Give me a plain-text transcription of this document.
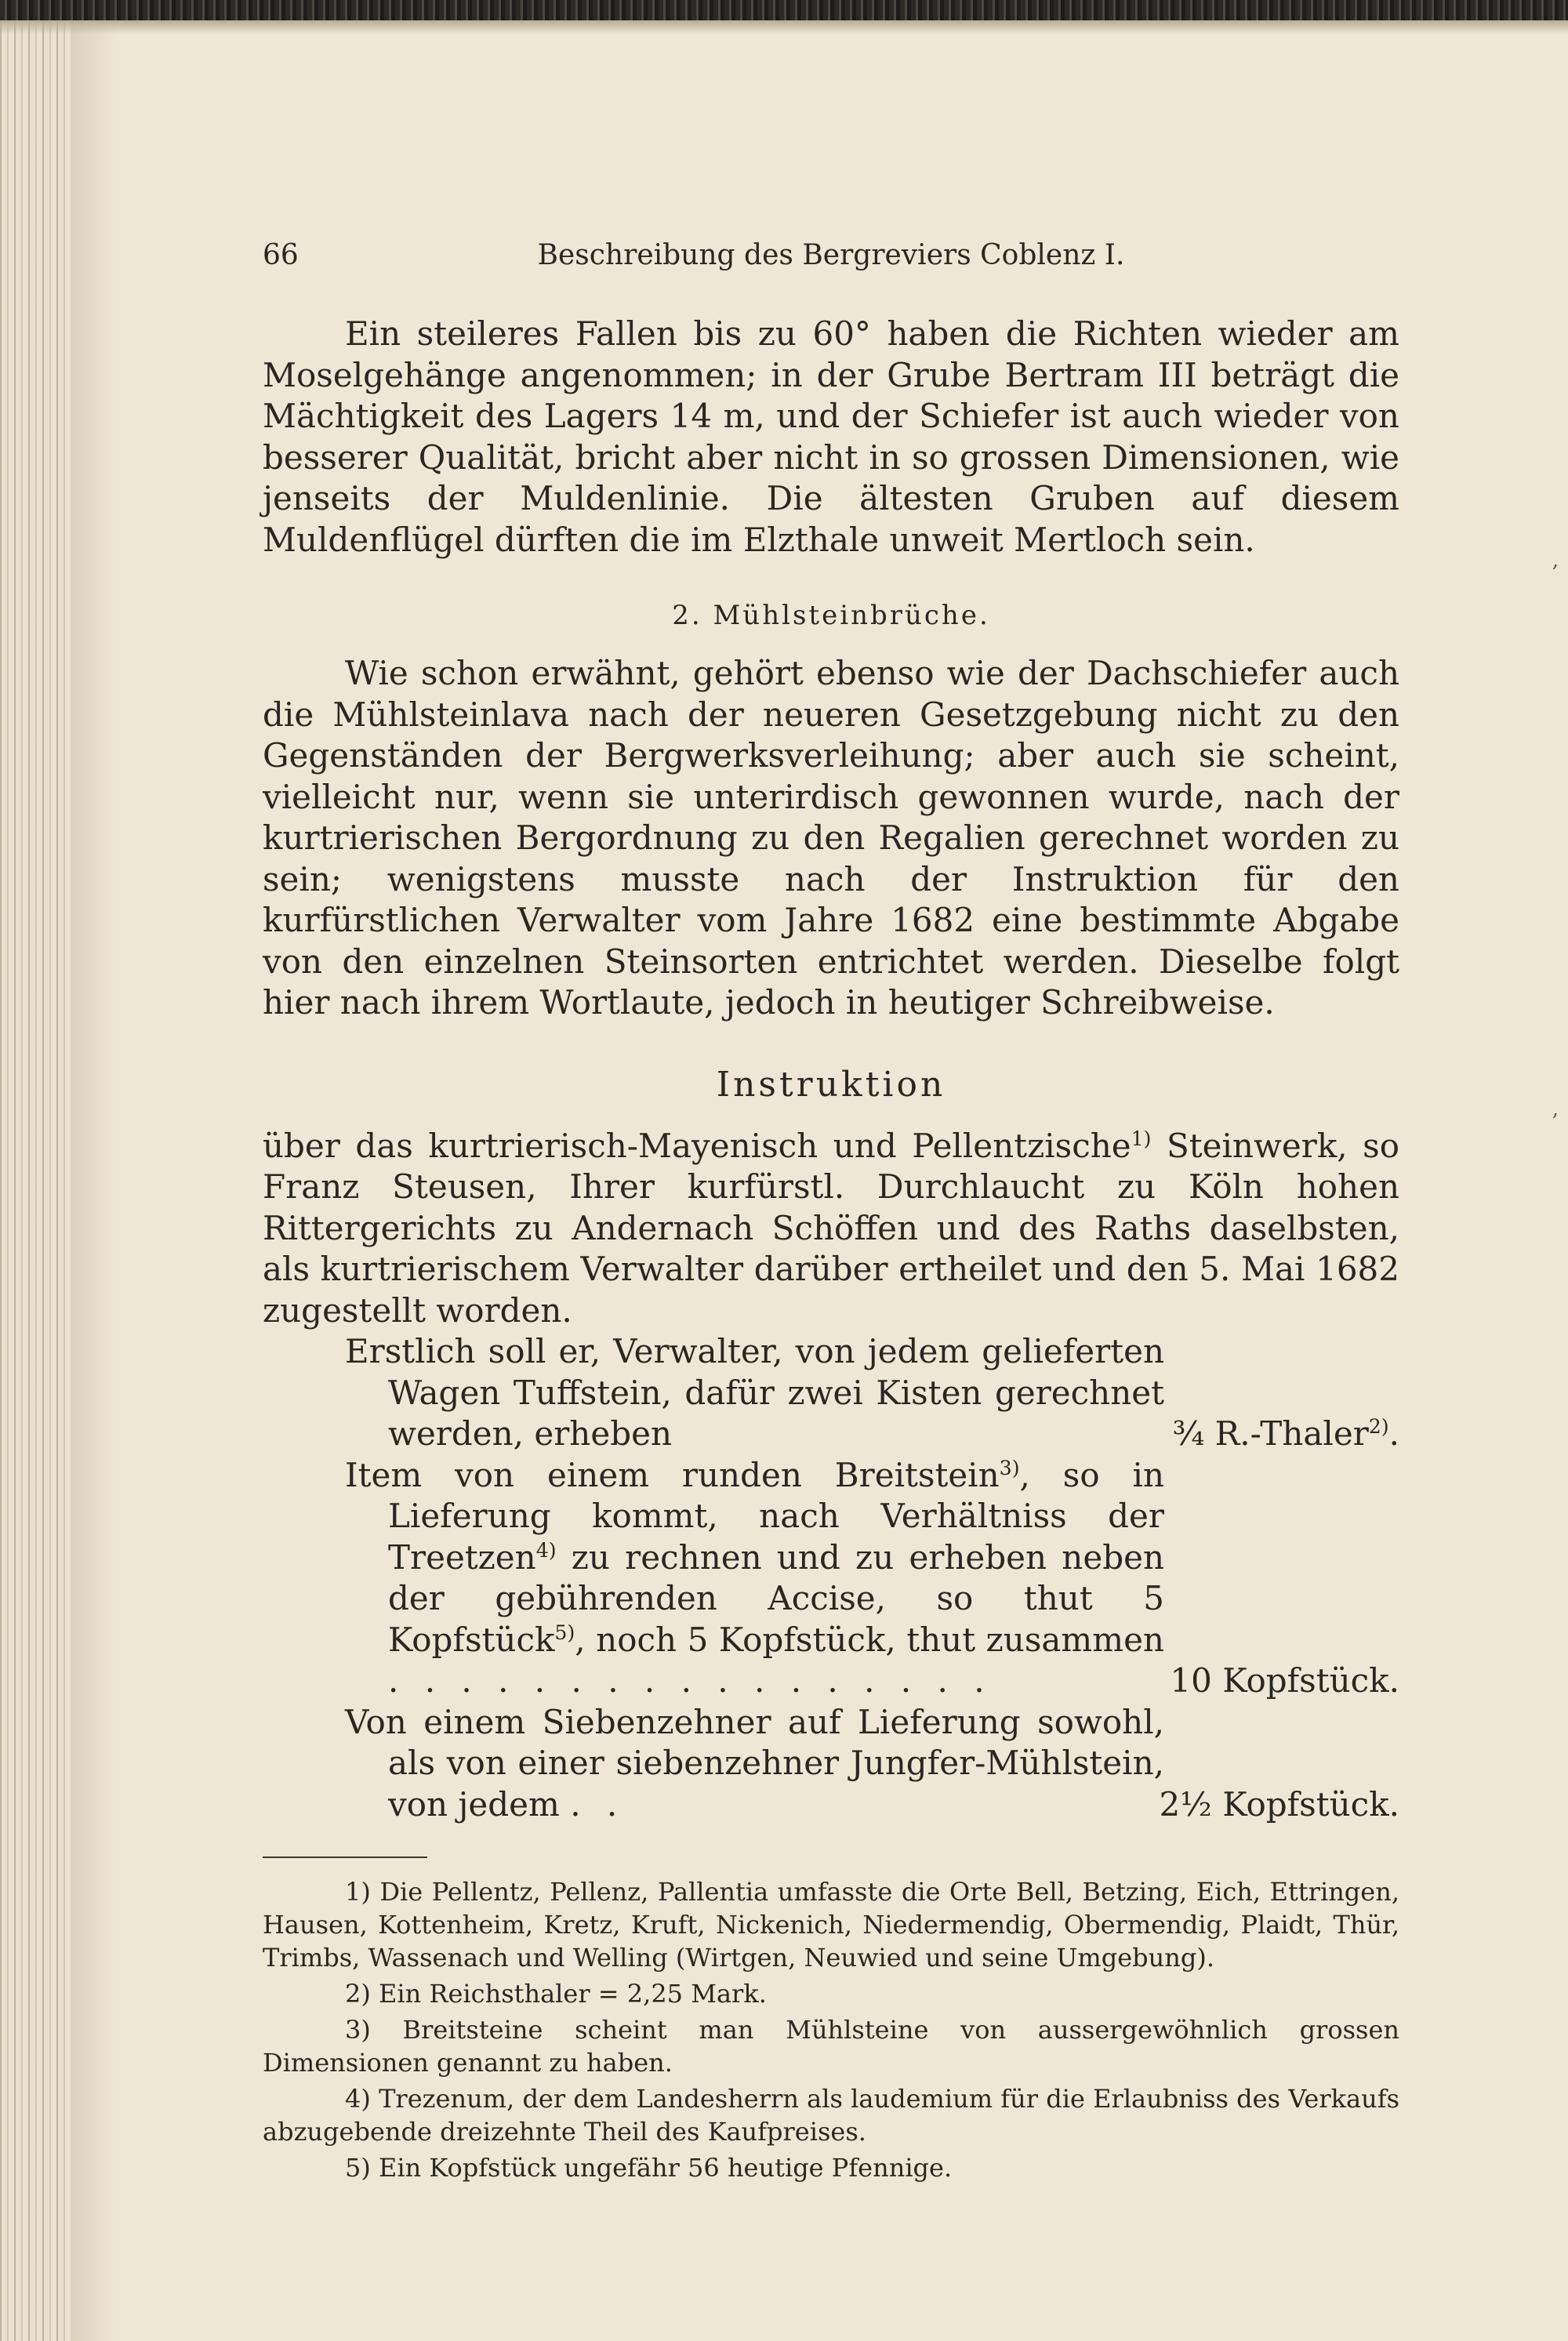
,
,
66	Beschreibung des Bergreviers Coblenz I.

Ein steileres Fallen bis zu 60° haben die Richten wieder am Moselgehänge angenommen; in der Grube Bertram III beträgt die Mächtigkeit des Lagers 14 m, und der Schiefer ist auch wieder von besserer Qualität, bricht aber nicht in so grossen Dimensionen, wie jenseits der Muldenlinie. Die ältesten Gruben auf diesem Muldenflügel dürften die im Elzthale unweit Mertloch sein.

2. Mühlsteinbrüche.

Wie schon erwähnt, gehört ebenso wie der Dachschiefer auch die Mühlsteinlava nach der neueren Gesetzgebung nicht zu den Gegenständen der Bergwerksverleihung; aber auch sie scheint, vielleicht nur, wenn sie unterirdisch gewonnen wurde, nach der kurtrierischen Bergordnung zu den Regalien gerechnet worden zu sein; wenigstens musste nach der Instruktion für den kurfürstlichen Verwalter vom Jahre 1682 eine bestimmte Abgabe von den einzelnen Steinsorten entrichtet werden. Dieselbe folgt hier nach ihrem Wortlaute, jedoch in heutiger Schreibweise.

Instruktion

über das kurtrierisch-Mayenisch und Pellentzische$^{1)}$ Steinwerk, so Franz Steusen, Ihrer kurfürstl. Durchlaucht zu Köln hohen Rittergerichts zu Andernach Schöffen und des Raths daselbsten, als kurtrierischem Verwalter darüber ertheilet und den 5. Mai 1682 zugestellt worden.

Erstlich soll er, Verwalter, von jedem gelieferten Wagen Tuffstein, dafür zwei Kisten gerechnet werden, erheben	¾ R.-Thaler$^{2)}$.
Item von einem runden Breitstein$^{3)}$, so in Lieferung kommt, nach Verhältniss der Treetzen$^{4)}$ zu rechnen und zu erheben neben der gebührenden Accise, so thut 5 Kopfstück$^{5)}$, noch 5 Kopfstück, thut zusammen . . . . . . . . . . . . . . . . .	10 Kopfstück.
Von einem Siebenzehner auf Lieferung sowohl, als von einer siebenzehner Jungfer-Mühlstein, von jedem . .	2½ Kopfstück.

1) Die Pellentz, Pellenz, Pallentia umfasste die Orte Bell, Betzing, Eich, Ettringen, Hausen, Kottenheim, Kretz, Kruft, Nickenich, Niedermendig, Obermendig, Plaidt, Thür, Trimbs, Wassenach und Welling (Wirtgen, Neuwied und seine Umgebung).

2) Ein Reichsthaler = 2,25 Mark.

3) Breitsteine scheint man Mühlsteine von aussergewöhnlich grossen Dimensionen genannt zu haben.

4) Trezenum, der dem Landesherrn als laudemium für die Erlaubniss des Verkaufs abzugebende dreizehnte Theil des Kaufpreises.

5) Ein Kopfstück ungefähr 56 heutige Pfennige.
